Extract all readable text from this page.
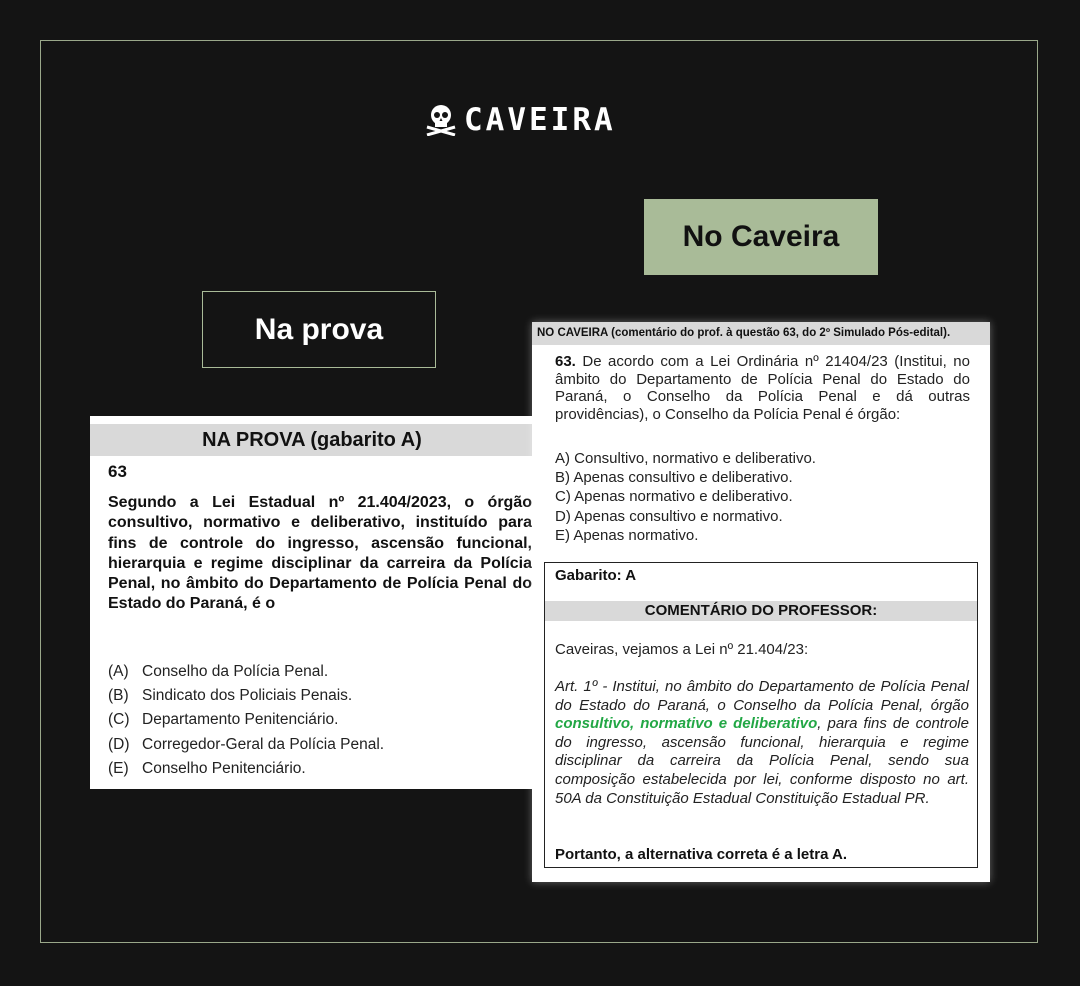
CAVEIRA
No Caveira
Na prova
NA PROVA (gabarito A)
63
Segundo a Lei Estadual nº 21.404/2023, o órgão consultivo, normativo e deliberativo, instituído para fins de controle do ingresso, ascensão funcional, hierarquia e regime disciplinar da carreira da Polícia Penal, no âmbito do Departamento de Polícia Penal do Estado do Paraná, é o
(A) Conselho da Polícia Penal.
(B) Sindicato dos Policiais Penais.
(C) Departamento Penitenciário.
(D) Corregedor-Geral da Polícia Penal.
(E) Conselho Penitenciário.
NO CAVEIRA (comentário do prof. à questão 63, do 2º Simulado Pós-edital).
63. De acordo com a Lei Ordinária nº 21404/23 (Institui, no âmbito do Departamento de Polícia Penal do Estado do Paraná, o Conselho da Polícia Penal e dá outras providências), o Conselho da Polícia Penal é órgão:
A) Consultivo, normativo e deliberativo.
B) Apenas consultivo e deliberativo.
C) Apenas normativo e deliberativo.
D) Apenas consultivo e normativo.
E) Apenas normativo.
Gabarito: A
COMENTÁRIO DO PROFESSOR:
Caveiras, vejamos a Lei nº 21.404/23:
Art. 1º - Institui, no âmbito do Departamento de Polícia Penal do Estado do Paraná, o Conselho da Polícia Penal, órgão consultivo, normativo e deliberativo, para fins de controle do ingresso, ascensão funcional, hierarquia e regime disciplinar da carreira da Polícia Penal, sendo sua composição estabelecida por lei, conforme disposto no art. 50A da Constituição Estadual Constituição Estadual PR.
Portanto, a alternativa correta é a letra A.
